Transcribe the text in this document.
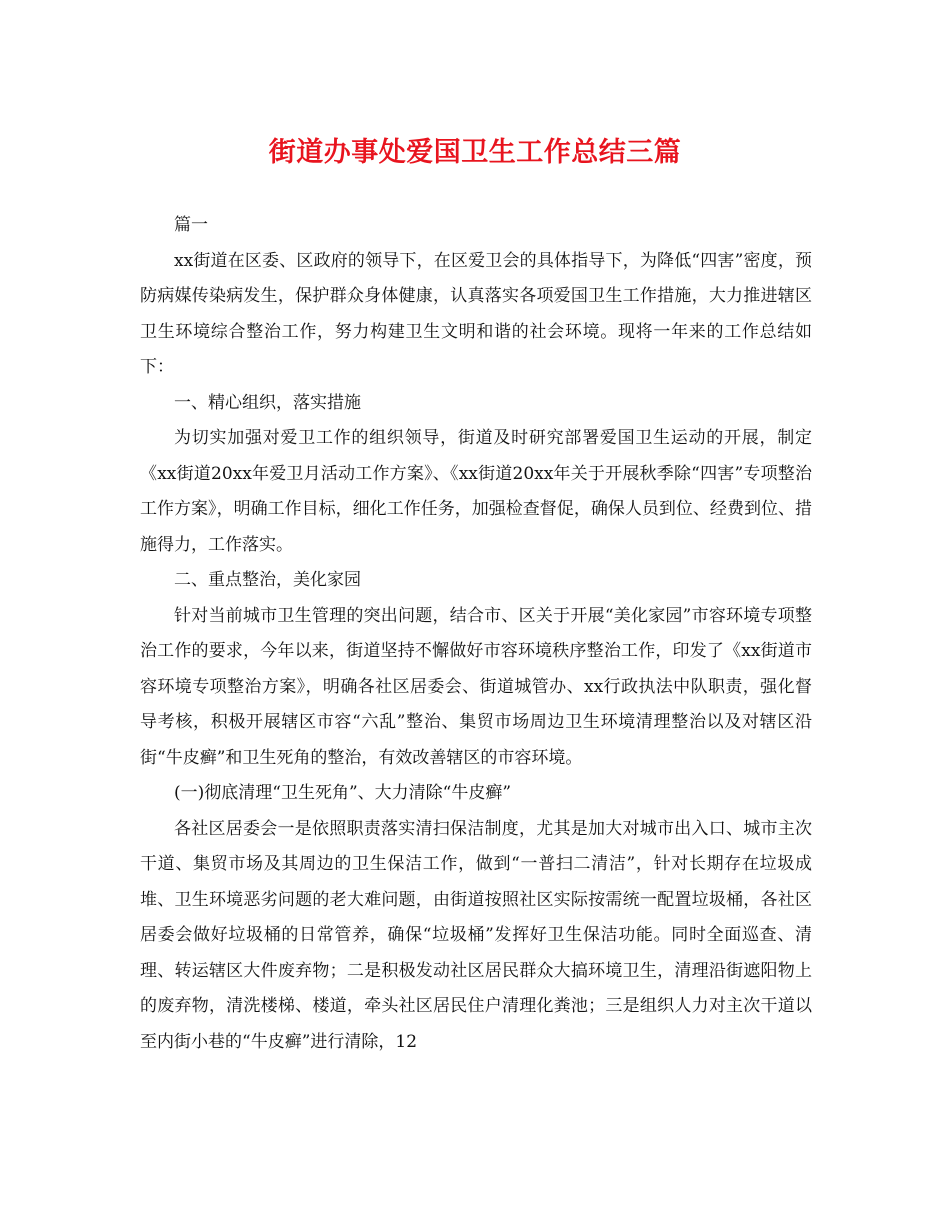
街道办事处爱国卫生工作总结三篇

篇一

xx街道在区委、区政府的领导下，在区爱卫会的具体指导下，为降低“四害”密度，预防病媒传染病发生，保护群众身体健康，认真落实各项爱国卫生工作措施，大力推进辖区卫生环境综合整治工作，努力构建卫生文明和谐的社会环境。现将一年来的工作总结如下：

一、精心组织，落实措施

为切实加强对爱卫工作的组织领导，街道及时研究部署爱国卫生运动的开展，制定《xx街道20xx年爱卫月活动工作方案》、《xx街道20xx年关于开展秋季除“四害”专项整治工作方案》，明确工作目标，细化工作任务，加强检查督促，确保人员到位、经费到位、措施得力，工作落实。

二、重点整治，美化家园

针对当前城市卫生管理的突出问题，结合市、区关于开展“美化家园”市容环境专项整治工作的要求，今年以来，街道坚持不懈做好市容环境秩序整治工作，印发了《xx街道市容环境专项整治方案》，明确各社区居委会、街道城管办、xx行政执法中队职责，强化督导考核，积极开展辖区市容“六乱”整治、集贸市场周边卫生环境清理整治以及对辖区沿街“牛皮癣”和卫生死角的整治，有效改善辖区的市容环境。

(一)彻底清理“卫生死角”、大力清除“牛皮癣”

各社区居委会一是依照职责落实清扫保洁制度，尤其是加大对城市出入口、城市主次干道、集贸市场及其周边的卫生保洁工作，做到“一普扫二清洁”，针对长期存在垃圾成堆、卫生环境恶劣问题的老大难问题，由街道按照社区实际按需统一配置垃圾桶，各社区居委会做好垃圾桶的日常管养，确保“垃圾桶”发挥好卫生保洁功能。同时全面巡查、清理、转运辖区大件废弃物；二是积极发动社区居民群众大搞环境卫生，清理沿街遮阳物上的废弃物，清洗楼梯、楼道，牵头社区居民住户清理化粪池；三是组织人力对主次干道以至内街小巷的“牛皮癣”进行清除，12
